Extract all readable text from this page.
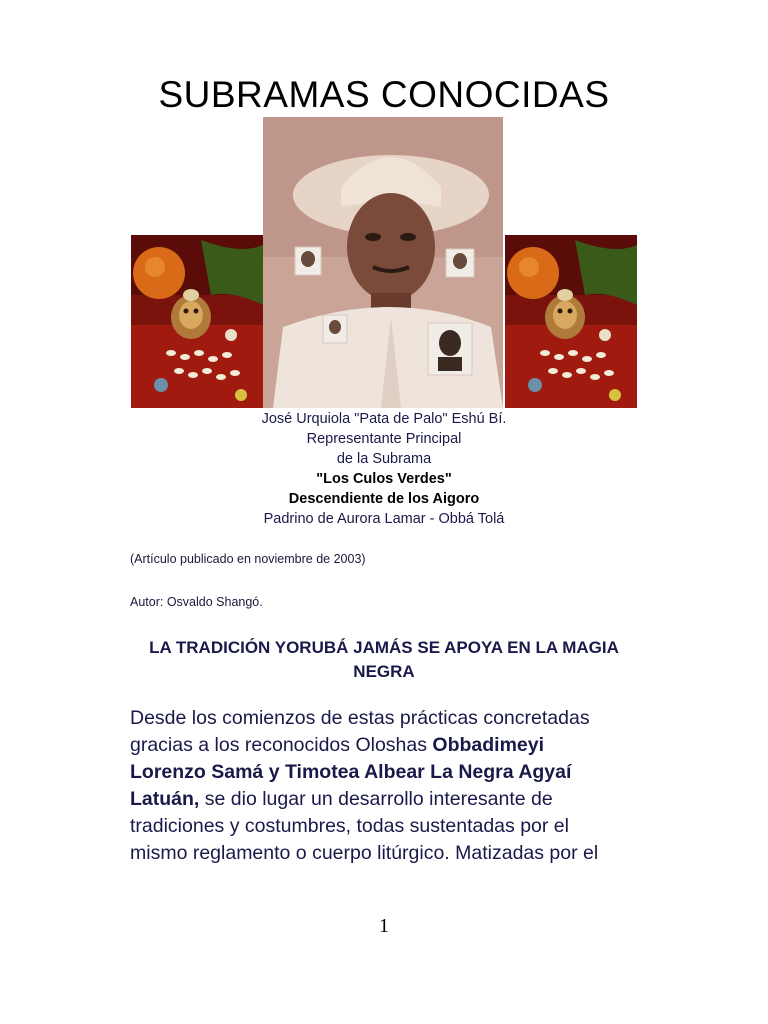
SUBRAMAS CONOCIDAS
José Urquiola "Pata de Palo" Eshú Bí.
Representante Principal
de la Subrama
"Los Culos Verdes"
Descendiente de los Aigoro
Padrino de Aurora Lamar - Obbá Tolá
(Artículo publicado en noviembre de 2003)
Autor: Osvaldo Shangó.
LA TRADICIÓN YORUBÁ JAMÁS SE APOYA EN LA MAGIA
NEGRA
Desde los comienzos de estas prácticas concretadas
gracias a los reconocidos Oloshas Obbadimeyi
Lorenzo Samá y Timotea Albear La Negra Agyaí
Latuán, se dio lugar un desarrollo interesante de
tradiciones y costumbres, todas sustentadas por el
mismo reglamento o cuerpo litúrgico. Matizadas por el
1
